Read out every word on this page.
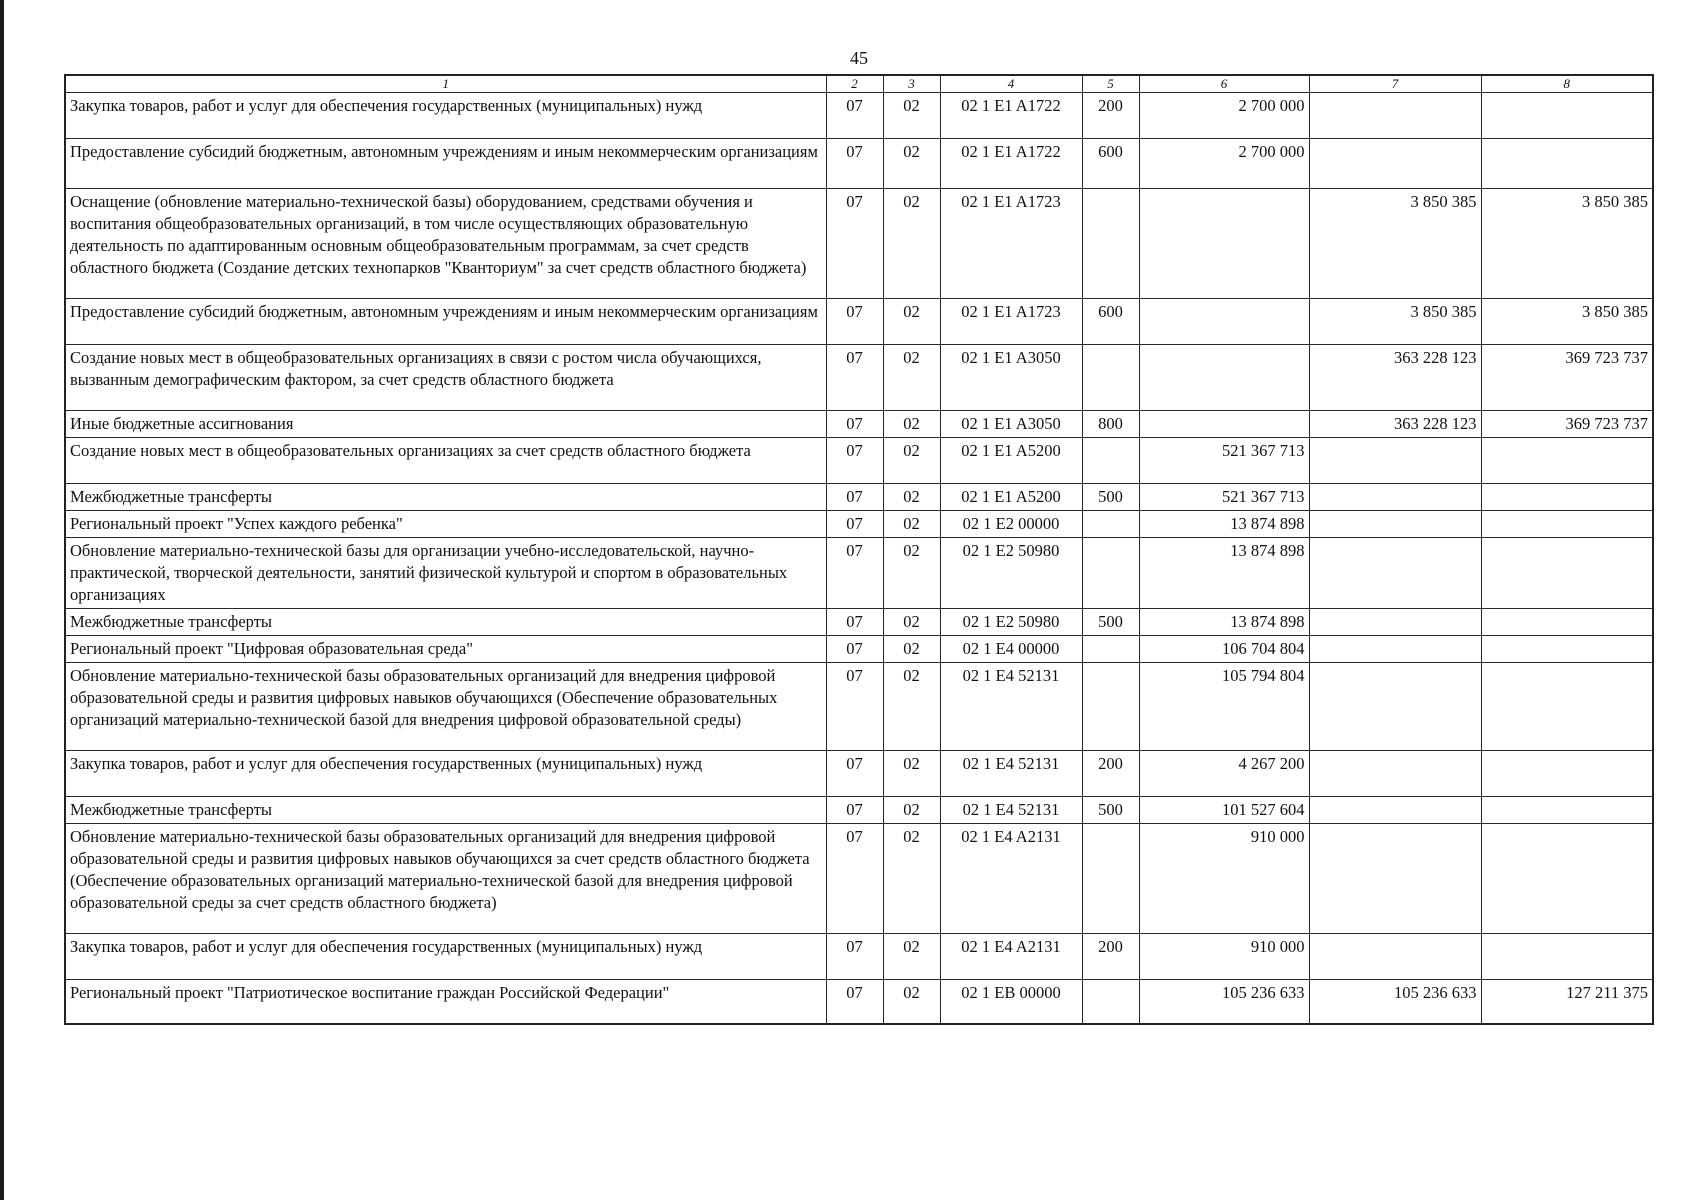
45
1	2	3	4	5	6	7	8
Закупка товаров, работ и услуг для обеспечения государственных (муниципальных) нужд	07	02	02 1 E1 A1722	200	2 700 000		
Предоставление субсидий бюджетным, автономным учреждениям и иным некоммерческим организациям	07	02	02 1 E1 A1722	600	2 700 000		
Оснащение (обновление материально-технической базы) оборудованием, средствами обучения и воспитания общеобразовательных организаций, в том числе осуществляющих образовательную деятельность по адаптированным основным общеобразовательным программам, за счет средств областного бюджета (Создание детских технопарков "Кванториум" за счет средств областного бюджета)	07	02	02 1 E1 A1723			3 850 385	3 850 385
Предоставление субсидий бюджетным, автономным учреждениям и иным некоммерческим организациям	07	02	02 1 E1 A1723	600		3 850 385	3 850 385
Создание новых мест в общеобразовательных организациях в связи с ростом числа обучающихся, вызванным демографическим фактором, за счет средств областного бюджета	07	02	02 1 E1 A3050			363 228 123	369 723 737
Иные бюджетные ассигнования	07	02	02 1 E1 A3050	800		363 228 123	369 723 737
Создание новых мест в общеобразовательных организациях за счет средств областного бюджета	07	02	02 1 E1 A5200		521 367 713		
Межбюджетные трансферты	07	02	02 1 E1 A5200	500	521 367 713		
Региональный проект "Успех каждого ребенка"	07	02	02 1 E2 00000		13 874 898		
Обновление материально-технической базы для организации учебно-исследовательской, научно-практической, творческой деятельности, занятий физической культурой и спортом в образовательных организациях	07	02	02 1 E2 50980		13 874 898		
Межбюджетные трансферты	07	02	02 1 E2 50980	500	13 874 898		
Региональный проект "Цифровая образовательная среда"	07	02	02 1 E4 00000		106 704 804		
Обновление материально-технической базы образовательных организаций для внедрения цифровой образовательной среды и развития цифровых навыков обучающихся (Обеспечение образовательных организаций материально-технической базой для внедрения цифровой образовательной среды)	07	02	02 1 E4 52131		105 794 804		
Закупка товаров, работ и услуг для обеспечения государственных (муниципальных) нужд	07	02	02 1 E4 52131	200	4 267 200		
Межбюджетные трансферты	07	02	02 1 E4 52131	500	101 527 604		
Обновление материально-технической базы образовательных организаций для внедрения цифровой образовательной среды и развития цифровых навыков обучающихся за счет средств областного бюджета (Обеспечение образовательных организаций материально-технической базой для внедрения цифровой образовательной среды за счет средств областного бюджета)	07	02	02 1 E4 A2131		910 000		
Закупка товаров, работ и услуг для обеспечения государственных (муниципальных) нужд	07	02	02 1 E4 A2131	200	910 000		
Региональный проект "Патриотическое воспитание граждан Российской Федерации"	07	02	02 1 EB 00000		105 236 633	105 236 633	127 211 375
